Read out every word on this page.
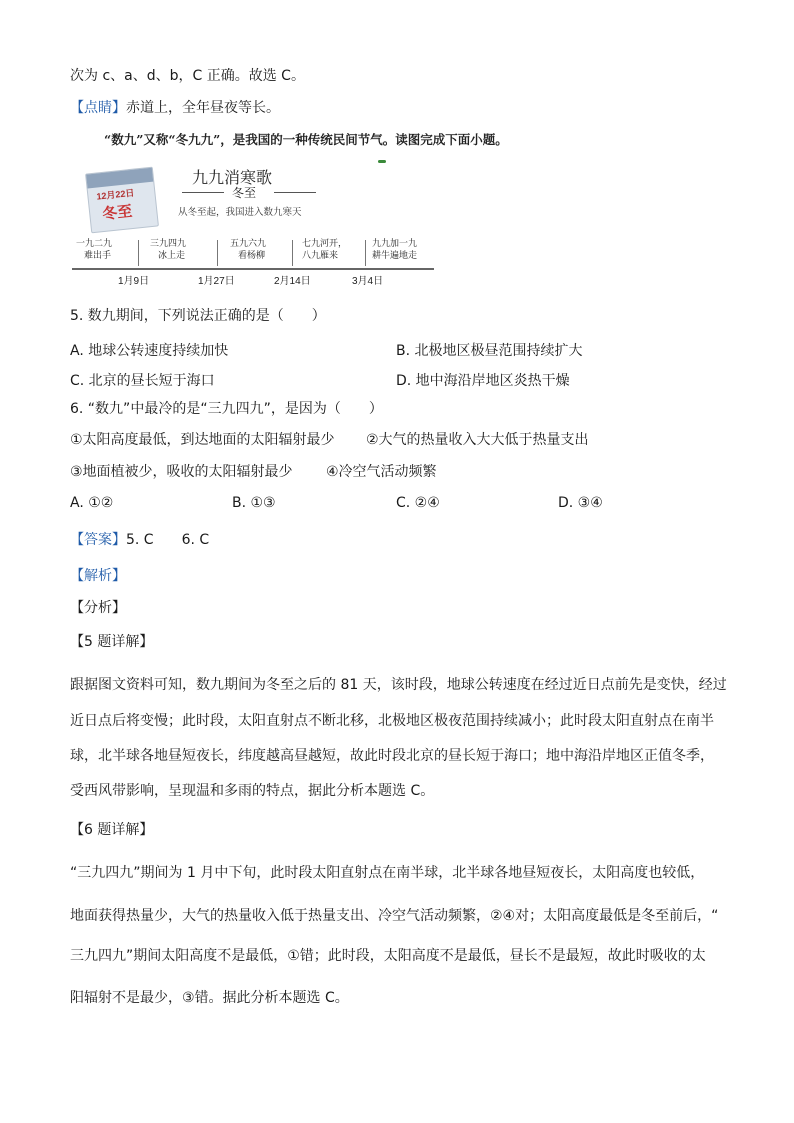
次为 c、a、d、b，C 正确。故选 C。
【点睛】赤道上，全年昼夜等长。
“数九”又称“冬九九”，是我国的一种传统民间节气。读图完成下面小题。
12月22日
冬至
九九消寒歌
冬至
从冬至起，我国进入数九寒天
一九二九
难出手
三九四九
冰上走
五九六九
看杨柳
七九河开，
八九雁来
九九加一九
耕牛遍地走
1月9日	1月27日	2月14日	3月4日
5. 数九期间，下列说法正确的是（　　）
A. 地球公转速度持续加快	B. 北极地区极昼范围持续扩大
C. 北京的昼长短于海口	D. 地中海沿岸地区炎热干燥
6. “数九”中最冷的是“三九四九”，是因为（　　）
①太阳高度最低，到达地面的太阳辐射最少 ②大气的热量收入大大低于热量支出
③地面植被少，吸收的太阳辐射最少 ④冷空气活动频繁
A. ①②	B. ①③	C. ②④	D. ③④
【答案】5. C　　6. C
【解析】
【分析】
【5 题详解】
跟据图文资料可知，数九期间为冬至之后的 81 天，该时段，地球公转速度在经过近日点前先是变快，经过
近日点后将变慢；此时段，太阳直射点不断北移，北极地区极夜范围持续减小；此时段太阳直射点在南半
球，北半球各地昼短夜长，纬度越高昼越短，故此时段北京的昼长短于海口；地中海沿岸地区正值冬季，
受西风带影响，呈现温和多雨的特点，据此分析本题选 C。
【6 题详解】
“三九四九”期间为 1 月中下旬，此时段太阳直射点在南半球，北半球各地昼短夜长，太阳高度也较低，
地面获得热量少，大气的热量收入低于热量支出、冷空气活动频繁，②④对；太阳高度最低是冬至前后，“
三九四九”期间太阳高度不是最低，①错；此时段，太阳高度不是最低，昼长不是最短，故此时吸收的太
阳辐射不是最少，③错。据此分析本题选 C。
